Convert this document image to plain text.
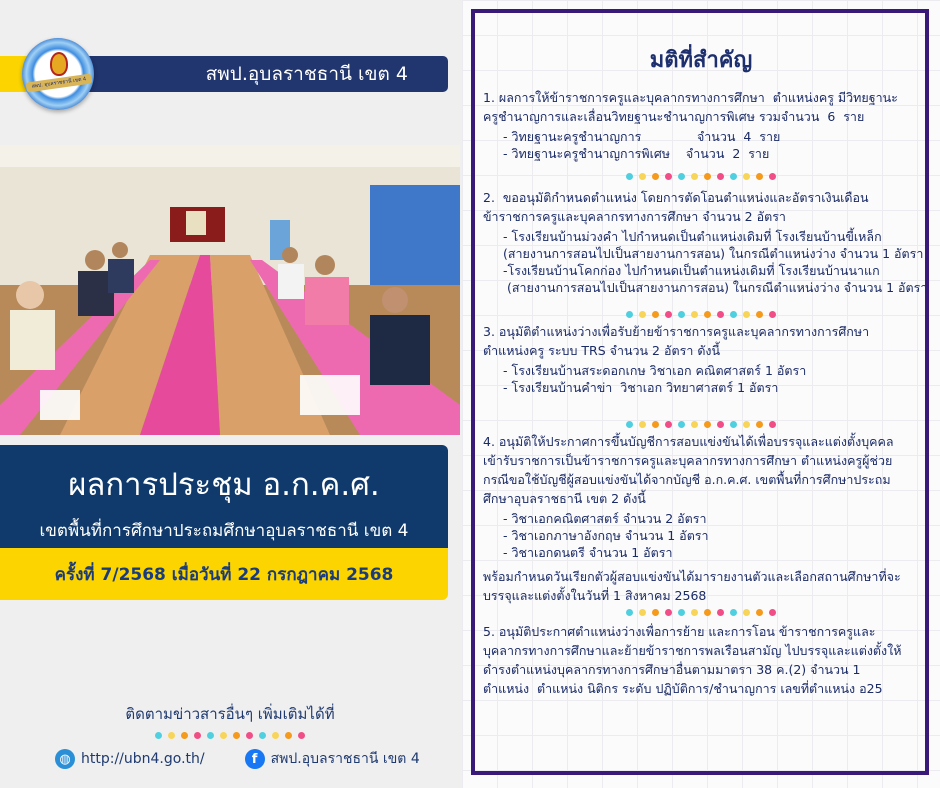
สพป.อุบลราชธานี เขต 4
สพป. อุบลราชธานี เขต 4
ผลการประชุม อ.ก.ค.ศ.
เขตพื้นที่การศึกษาประถมศึกษาอุบลราชธานี เขต 4
ครั้งที่ 7/2568 เมื่อวันที่ 22 กรกฎาคม 2568
ติดตามข่าวสารอื่นๆ เพิ่มเติมได้ที่
◍ http://ubn4.go.th/	f สพป.อุบลราชธานี เขต 4
มติที่สำคัญ
1. ผลการให้ข้าราชการครูและบุคลากรทางการศึกษา  ตำแหน่งครู มีวิทยฐานะ
ครูชำนาญการและเลื่อนวิทยฐานะชำนาญการพิเศษ รวมจำนวน  6  ราย
- วิทยฐานะครูชำนาญการ              จำนวน  4  ราย
- วิทยฐานะครูชำนาญการพิเศษ    จำนวน  2  ราย
2.  ขออนุมัติกำหนดตำแหน่ง โดยการตัดโอนตำแหน่งและอัตราเงินเดือน
ข้าราชการครูและบุคลากรทางการศึกษา จำนวน 2 อัตรา
- โรงเรียนบ้านม่วงคำ ไปกำหนดเป็นตำแหน่งเดิมที่ โรงเรียนบ้านขี้เหล็ก
(สายงานการสอนไปเป็นสายงานการสอน) ในกรณีตำแหน่งว่าง จำนวน 1 อัตรา
-โรงเรียนบ้านโคกก่อง ไปกำหนดเป็นตำแหน่งเดิมที่ โรงเรียนบ้านนาแก
(สายงานการสอนไปเป็นสายงานการสอน) ในกรณีตำแหน่งว่าง จำนวน 1 อัตรา
3. อนุมัติตำแหน่งว่างเพื่อรับย้ายข้าราชการครูและบุคลากรทางการศึกษา
ตำแหน่งครู ระบบ TRS จำนวน 2 อัตรา ดังนี้
- โรงเรียนบ้านสระดอกเกษ วิชาเอก คณิตศาสตร์ 1 อัตรา
- โรงเรียนบ้านคำข่า  วิชาเอก วิทยาศาสตร์ 1 อัตรา
4. อนุมัติให้ประกาศการขึ้นบัญชีการสอบแข่งขันได้เพื่อบรรจุและแต่งตั้งบุคคล
เข้ารับราชการเป็นข้าราชการครูและบุคลากรทางการศึกษา ตำแหน่งครูผู้ช่วย
กรณีขอใช้บัญชีผู้สอบแข่งขันได้จากบัญชี อ.ก.ค.ศ. เขตพื้นที่การศึกษาประถม
ศึกษาอุบลราชธานี เขต 2 ดังนี้
- วิชาเอกคณิตศาสตร์ จำนวน 2 อัตรา
- วิชาเอกภาษาอังกฤษ จำนวน 1 อัตรา
- วิชาเอกดนตรี จำนวน 1 อัตรา
พร้อมกำหนดวันเรียกตัวผู้สอบแข่งขันได้มารายงานตัวและเลือกสถานศึกษาที่จะ
บรรจุและแต่งตั้งในวันที่ 1 สิงหาคม 2568
5. อนุมัติประกาศตำแหน่งว่างเพื่อการย้าย และการโอน ข้าราชการครูและ
บุคลากรทางการศึกษาและย้ายข้าราชการพลเรือนสามัญ ไปบรรจุและแต่งตั้งให้
ดำรงตำแหน่งบุคลากรทางการศึกษาอื่นตามมาตรา 38 ค.(2) จำนวน 1
ตำแหน่ง  ตำแหน่ง นิติกร ระดับ ปฏิบัติการ/ชำนาญการ เลขที่ตำแหน่ง อ25
